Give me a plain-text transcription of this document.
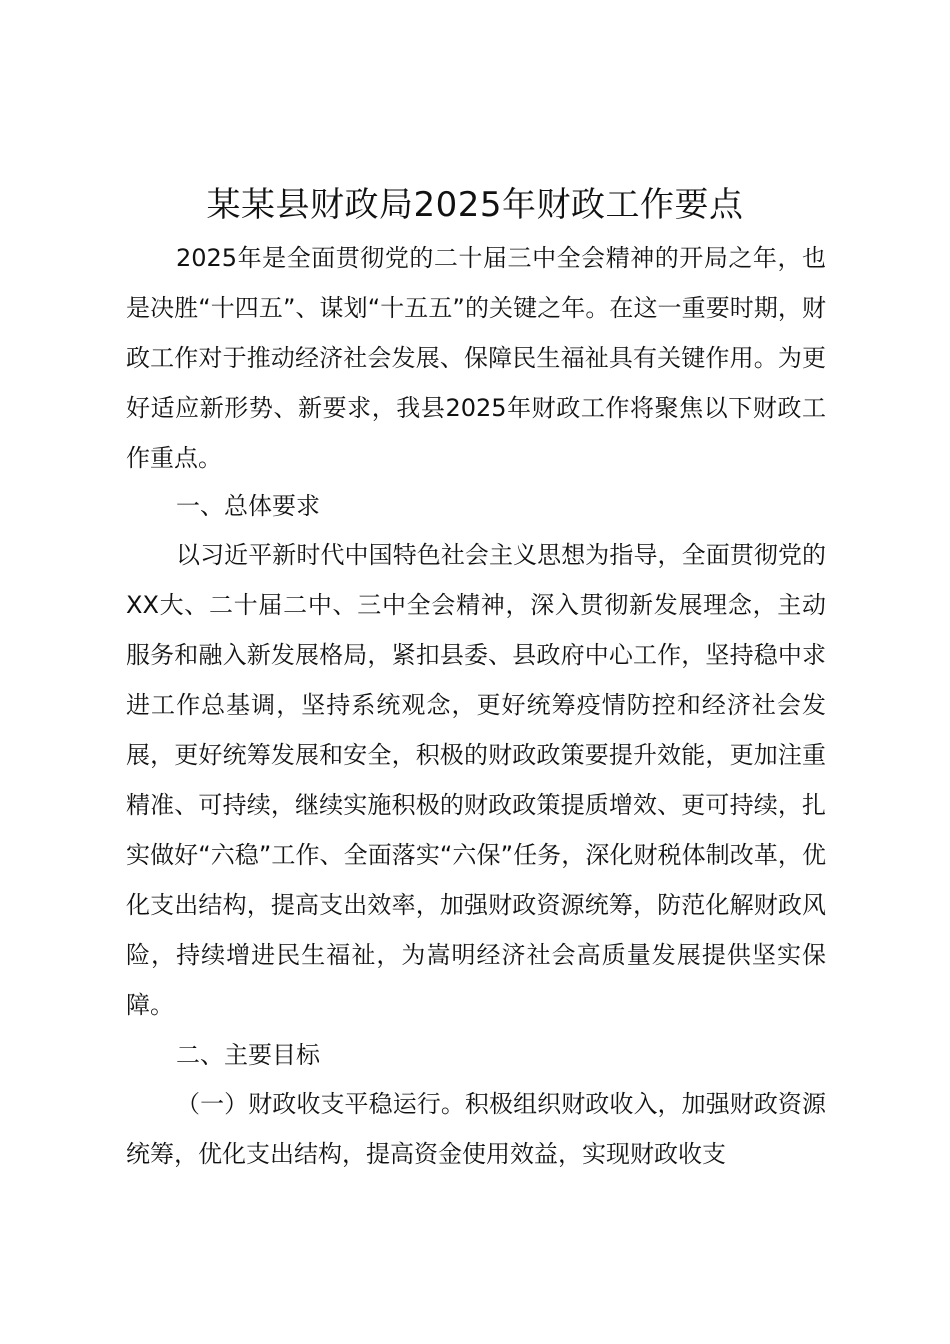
某某县财政局2025年财政工作要点

2025年是全面贯彻党的二十届三中全会精神的开局之年，也是决胜“十四五”、谋划“十五五”的关键之年。在这一重要时期，财政工作对于推动经济社会发展、保障民生福祉具有关键作用。为更好适应新形势、新要求，我县2025年财政工作将聚焦以下财政工作重点。

一、总体要求

以习近平新时代中国特色社会主义思想为指导，全面贯彻党的XX大、二十届二中、三中全会精神，深入贯彻新发展理念，主动服务和融入新发展格局，紧扣县委、县政府中心工作，坚持稳中求进工作总基调，坚持系统观念，更好统筹疫情防控和经济社会发展，更好统筹发展和安全，积极的财政政策要提升效能，更加注重精准、可持续，继续实施积极的财政政策提质增效、更可持续，扎实做好“六稳”工作、全面落实“六保”任务，深化财税体制改革，优化支出结构，提高支出效率，加强财政资源统筹，防范化解财政风险，持续增进民生福祉，为嵩明经济社会高质量发展提供坚实保障。

二、主要目标

（一）财政收支平稳运行。积极组织财政收入，加强财政资源统筹，优化支出结构，提高资金使用效益，实现财政收支
